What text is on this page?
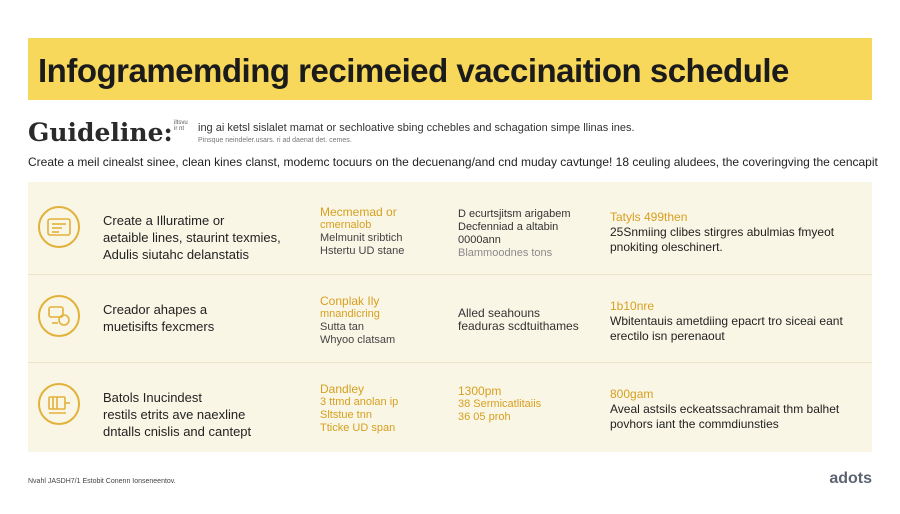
Infogramemding recimeied vaccinaition schedule
Guideline: iltsvu ir nt ing ai ketsl sislalet mamat or sechloative sbing cchebles and schagation simpe llinas ines.
Pinsque neindeler.usars. ri ad daenat det. cemes.
Create a meil cinealst sinee, clean kines clanst, modemc tocuurs on the decuenang/and cnd muday cavtunge! 18 ceuling aludees, the coveringving the cencapit
Create a Illuratime or
aetaible lines, staurint texmies,
Adulis siutahc delanstatis
Mecmemad or
cmernalob
Melmunit sribtich
Hstertu UD stane
D ecurtsjitsm arigabem
Decfenniad a altabin
0000ann
Blammoodnes tons
Tatyls 499then
25Snmiing clibes stirgres abulmias fmyeot
pnokiting oleschinert.
Creador ahapes a
muetisifts fexcmers
Conplak Ily
mnandicring
Sutta tan
Whyoo clatsam
Alled seahouns
feaduras scdtuithames
1b10nre
Wbitentauis ametdiing epacrt tro siceai eant
erectilo isn perenaout
Batols Inucindest
restils etrits ave naexline
dntalls cnislis and cantept
Dandley
3 ttmd anolan ip
Sltstue tnn
Tticke UD span
1300pm
38 Sermicatlitaiis
36 05 proh
800gam
Aveal astsils eckeatssachramait thm balhet
povhors iant the commdiunsties
Nvahl JASDH7/1 Estobit Conenn Ionseneentov.	adots
